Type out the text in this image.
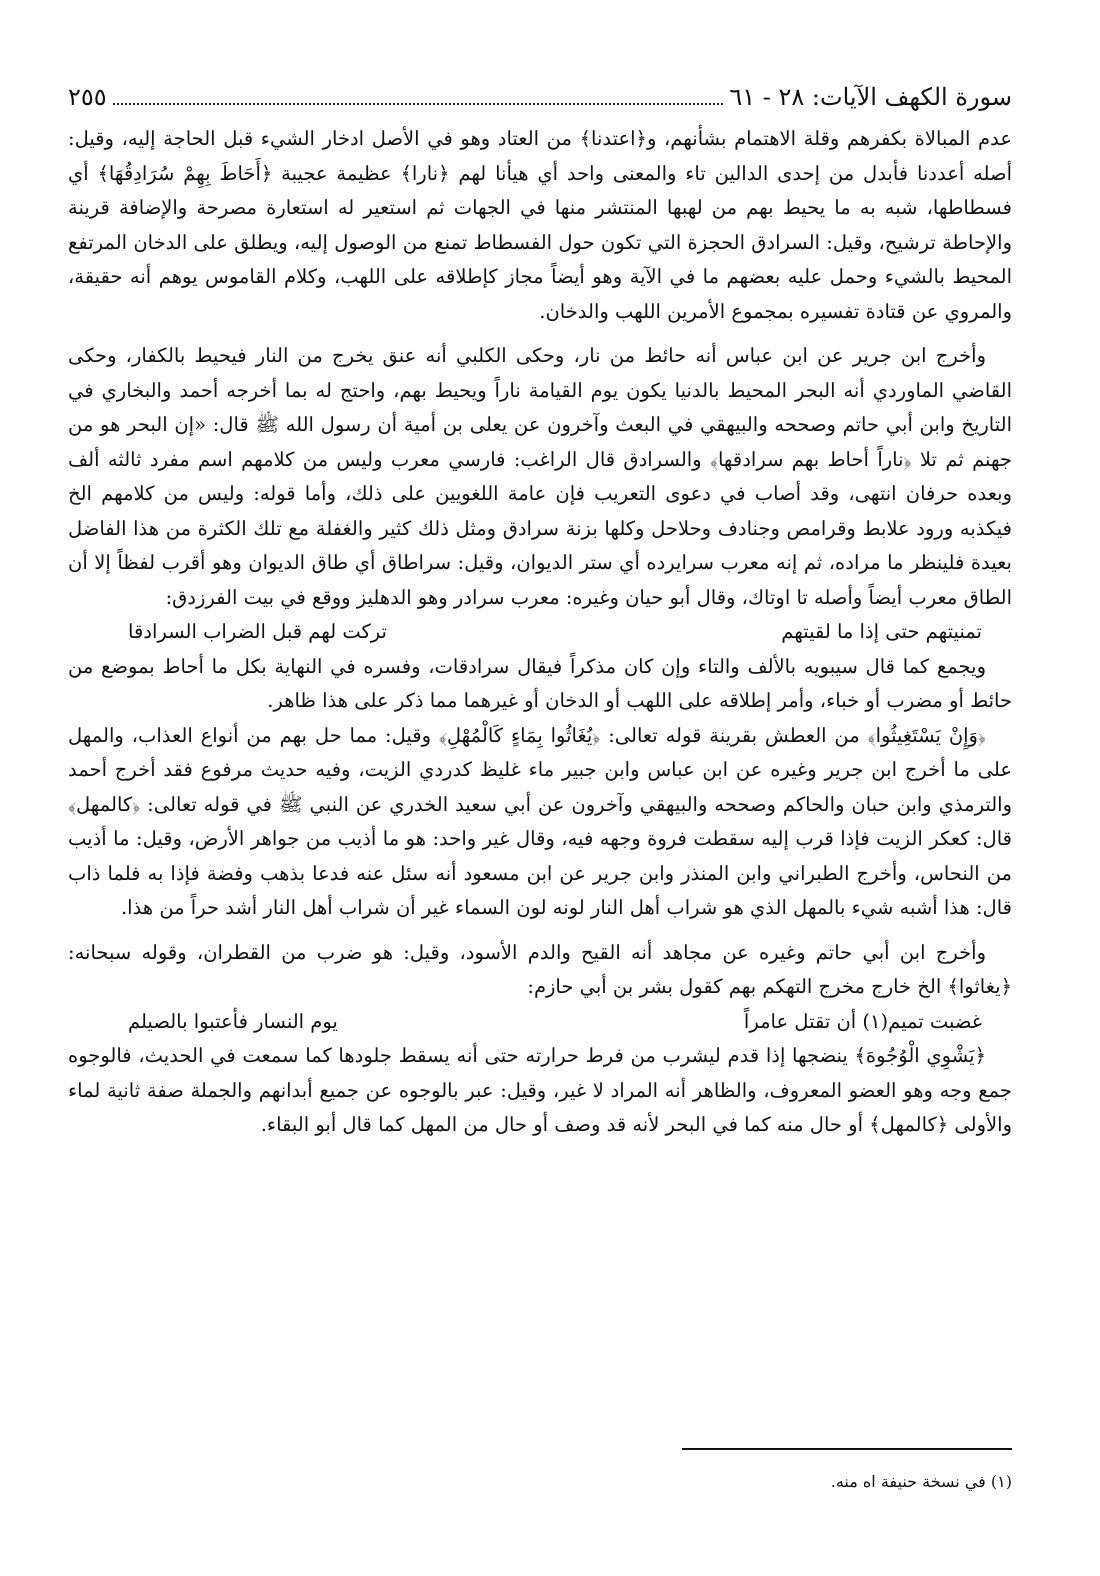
سورة الكهف الآيات: ٢٨ - ٦١
٢٥٥

عدم المبالاة بكفرهم وقلة الاهتمام بشأنهم، و﴿اعتدنا﴾ من العتاد وهو في الأصل ادخار الشيء قبل الحاجة إليه، وقيل: أصله أعددنا فأبدل من إحدى الدالين تاء والمعنى واحد أي هيأنا لهم ﴿نارا﴾ عظيمة عجيبة ﴿أَحَاطَ بِهِمْ سُرَادِقُهَا﴾ أي فسطاطها، شبه به ما يحيط بهم من لهبها المنتشر منها في الجهات ثم استعير له استعارة مصرحة والإضافة قرينة والإحاطة ترشيح، وقيل: السرادق الحجزة التي تكون حول الفسطاط تمنع من الوصول إليه، ويطلق على الدخان المرتفع المحيط بالشيء وحمل عليه بعضهم ما في الآية وهو أيضاً مجاز كإطلاقه على اللهب، وكلام القاموس يوهم أنه حقيقة، والمروي عن قتادة تفسيره بمجموع الأمرين اللهب والدخان.

وأخرج ابن جرير عن ابن عباس أنه حائط من نار، وحكى الكلبي أنه عنق يخرج من النار فيحيط بالكفار، وحكى القاضي الماوردي أنه البحر المحيط بالدنيا يكون يوم القيامة ناراً ويحيط بهم، واحتج له بما أخرجه أحمد والبخاري في التاريخ وابن أبي حاتم وصححه والبيهقي في البعث وآخرون عن يعلى بن أمية أن رسول الله ﷺ قال: «إن البحر هو من جهنم ثم تلا ﴿ناراً أحاط بهم سرادقها﴾ والسرادق قال الراغب: فارسي معرب وليس من كلامهم اسم مفرد ثالثه ألف وبعده حرفان انتهى، وقد أصاب في دعوى التعريب فإن عامة اللغويين على ذلك، وأما قوله: وليس من كلامهم الخ فيكذبه ورود علابط وقرامص وجنادف وحلاحل وكلها بزنة سرادق ومثل ذلك كثير والغفلة مع تلك الكثرة من هذا الفاضل بعيدة فلينظر ما مراده، ثم إنه معرب سرايرده أي ستر الديوان، وقيل: سراطاق أي طاق الديوان وهو أقرب لفظاً إلا أن الطاق معرب أيضاً وأصله تا اوتاك، وقال أبو حيان وغيره: معرب سرادر وهو الدهليز ووقع في بيت الفرزدق:

تمنيتهم حتى إذا ما لقيتهم
تركت لهم قبل الضراب السرادقا

ويجمع كما قال سيبويه بالألف والتاء وإن كان مذكراً فيقال سرادقات، وفسره في النهاية بكل ما أحاط بموضع من حائط أو مضرب أو خباء، وأمر إطلاقه على اللهب أو الدخان أو غيرهما مما ذكر على هذا ظاهر.

﴿وَإِنْ يَسْتَغِيثُوا﴾ من العطش بقرينة قوله تعالى: ﴿يُغَاثُوا بِمَاءٍ كَالْمُهْلِ﴾ وقيل: مما حل بهم من أنواع العذاب، والمهل على ما أخرج ابن جرير وغيره عن ابن عباس وابن جبير ماء غليظ كدردي الزيت، وفيه حديث مرفوع فقد أخرج أحمد والترمذي وابن حبان والحاكم وصححه والبيهقي وآخرون عن أبي سعيد الخدري عن النبي ﷺ في قوله تعالى: ﴿كالمهل﴾ قال: كعكر الزيت فإذا قرب إليه سقطت فروة وجهه فيه، وقال غير واحد: هو ما أذيب من جواهر الأرض، وقيل: ما أذيب من النحاس، وأخرج الطبراني وابن المنذر وابن جرير عن ابن مسعود أنه سئل عنه فدعا بذهب وفضة فإذا به فلما ذاب قال: هذا أشبه شيء بالمهل الذي هو شراب أهل النار لونه لون السماء غير أن شراب أهل النار أشد حراً من هذا.

وأخرج ابن أبي حاتم وغيره عن مجاهد أنه القيح والدم الأسود، وقيل: هو ضرب من القطران، وقوله سبحانه: ﴿يغاثوا﴾ الخ خارج مخرج التهكم بهم كقول بشر بن أبي حازم:

غضبت تميم(١) أن تقتل عامراً
يوم النسار فأعتبوا بالصيلم

﴿يَشْوِي الْوُجُوهَ﴾ ينضجها إذا قدم ليشرب من فرط حرارته حتى أنه يسقط جلودها كما سمعت في الحديث، فالوجوه جمع وجه وهو العضو المعروف، والظاهر أنه المراد لا غير، وقيل: عبر بالوجوه عن جميع أبدانهم والجملة صفة ثانية لماء والأولى ﴿كالمهل﴾ أو حال منه كما في البحر لأنه قد وصف أو حال من المهل كما قال أبو البقاء.

(١) في نسخة حنيفة اه منه.
